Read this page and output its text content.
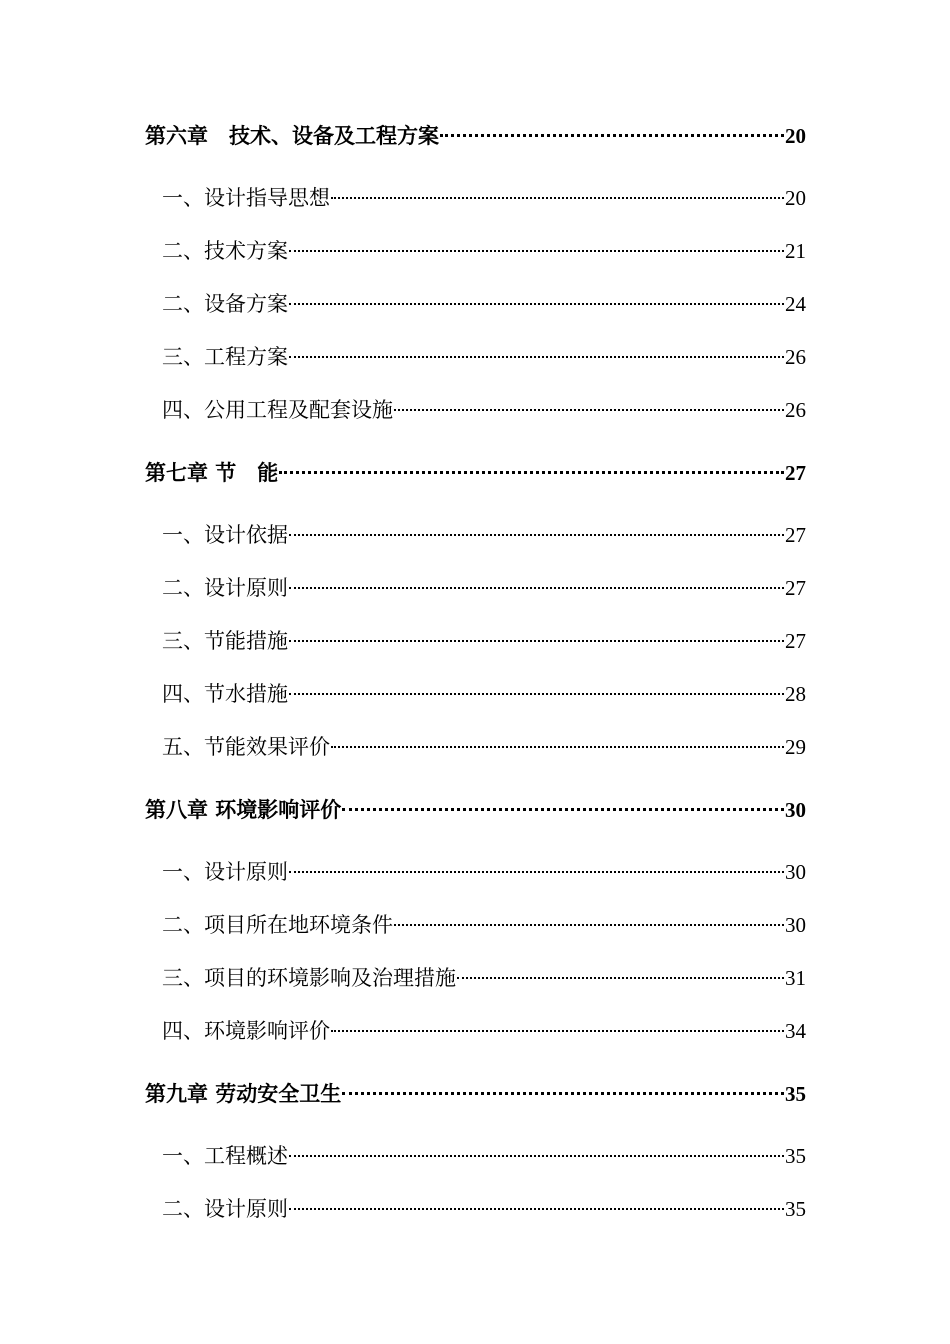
第六章　技术、设备及工程方案	20
一、设计指导思想	20
二、技术方案	21
二、设备方案	24
三、工程方案	26
四、公用工程及配套设施	26
第七章 节　能	27
一、设计依据	27
二、设计原则	27
三、节能措施	27
四、节水措施	28
五、节能效果评价	29
第八章 环境影响评价	30
一、设计原则	30
二、项目所在地环境条件	30
三、项目的环境影响及治理措施	31
四、环境影响评价	34
第九章 劳动安全卫生	35
一、工程概述	35
二、设计原则	35
